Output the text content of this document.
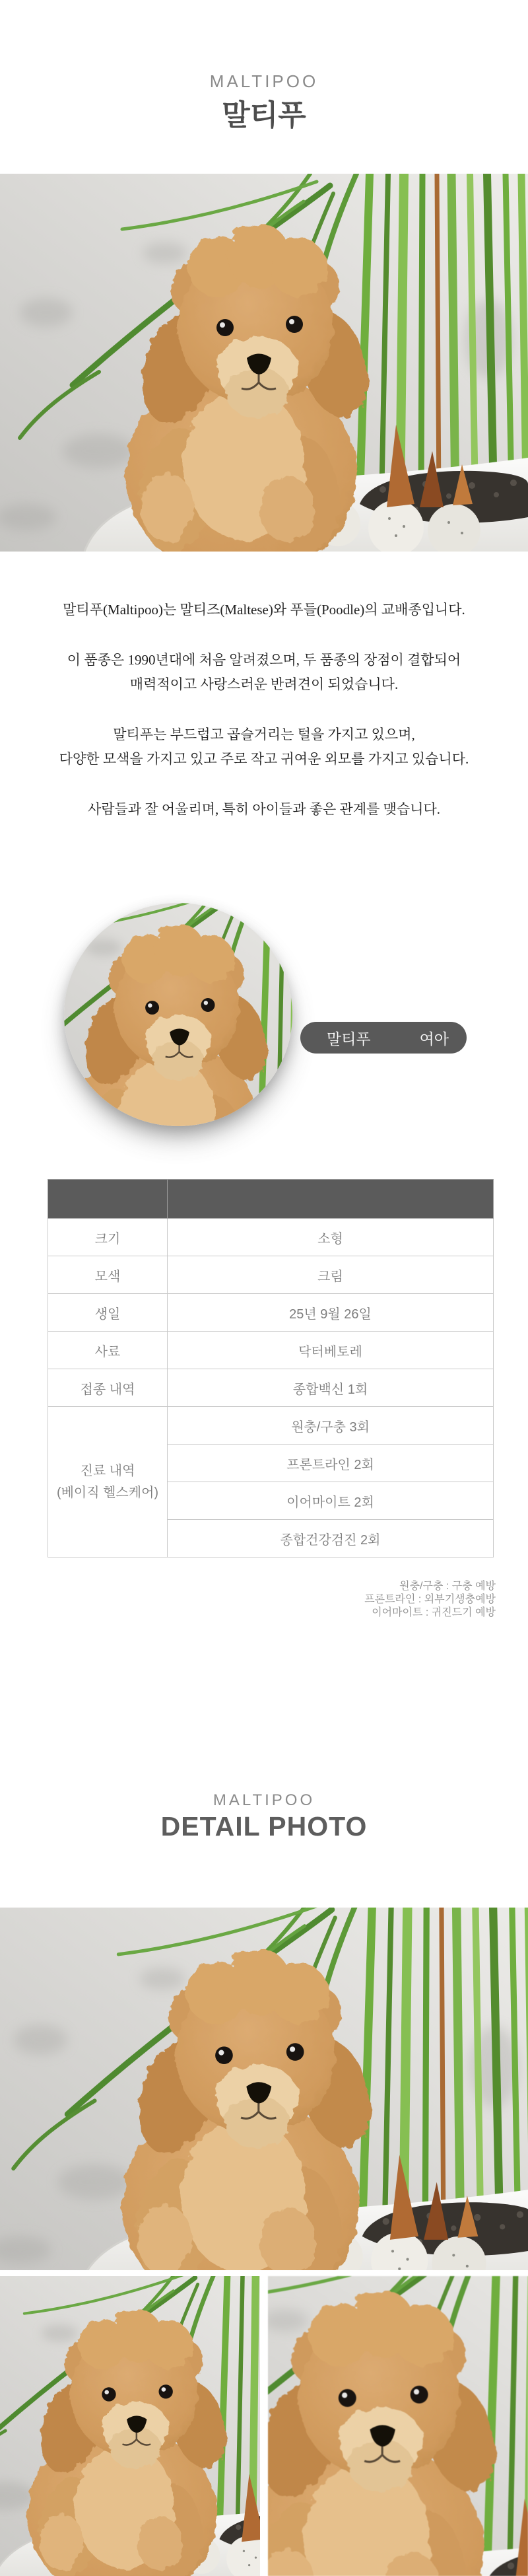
MALTIPOO
말티푸
말티푸(Maltipoo)는 말티즈(Maltese)와 푸들(Poodle)의 교배종입니다.
이 품종은 1990년대에 처음 알려졌으며, 두 품종의 장점이 결합되어
매력적이고 사랑스러운 반려견이 되었습니다.
말티푸는 부드럽고 곱슬거리는 털을 가지고 있으며,
다양한 모색을 가지고 있고 주로 작고 귀여운 외모를 가지고 있습니다.
사람들과 잘 어울리며, 특히 아이들과 좋은 관계를 맺습니다.
말티푸	여아

크기	소형
모색	크림
생일	25년 9월 26일
사료	닥터베토레
접종 내역	종합백신 1회

진료 내역
(베이직 헬스케어)	원충/구충 3회
	프론트라인 2회
	이어마이트 2회
	종합건강검진 2회
원충/구충 : 구충 예방
프론트라인 : 외부기생충예방
이어마이트 : 귀진드기 예방
MALTIPOO
DETAIL PHOTO
